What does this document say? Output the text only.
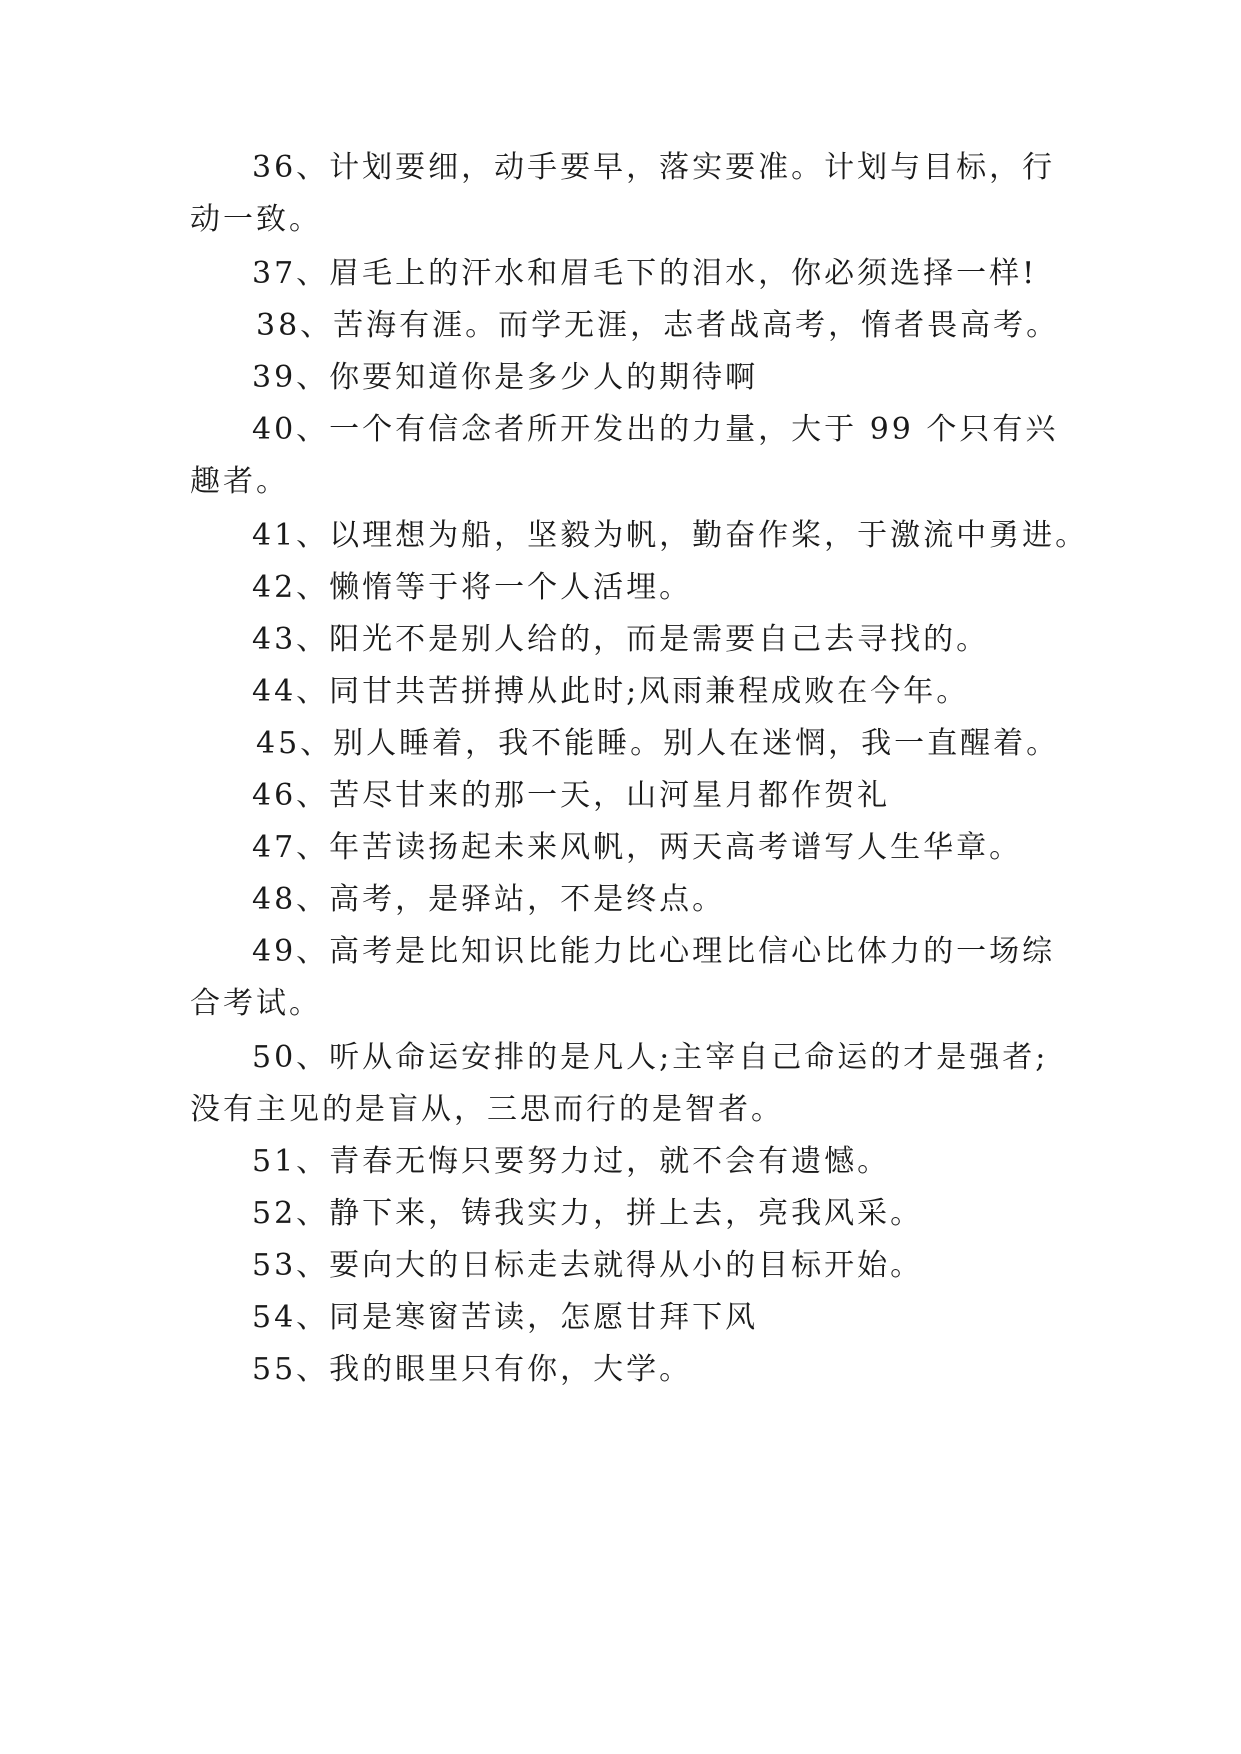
36、计划要细，动手要早，落实要准。计划与目标，行
动一致。
37、眉毛上的汗水和眉毛下的泪水，你必须选择一样!
38、苦海有涯。而学无涯，志者战高考，惰者畏高考。
39、你要知道你是多少人的期待啊
40、一个有信念者所开发出的力量，大于 99 个只有兴
趣者。
41、以理想为船，坚毅为帆，勤奋作桨，于激流中勇进。
42、懒惰等于将一个人活埋。
43、阳光不是别人给的，而是需要自己去寻找的。
44、同甘共苦拼搏从此时;风雨兼程成败在今年。
45、别人睡着，我不能睡。别人在迷惘，我一直醒着。
46、苦尽甘来的那一天，山河星月都作贺礼
47、年苦读扬起未来风帆，两天高考谱写人生华章。
48、高考，是驿站，不是终点。
49、高考是比知识比能力比心理比信心比体力的一场综
合考试。
50、听从命运安排的是凡人;主宰自己命运的才是强者;
没有主见的是盲从，三思而行的是智者。
51、青春无悔只要努力过，就不会有遗憾。
52、静下来，铸我实力，拼上去，亮我风采。
53、要向大的日标走去就得从小的目标开始。
54、同是寒窗苦读，怎愿甘拜下风
55、我的眼里只有你，大学。
